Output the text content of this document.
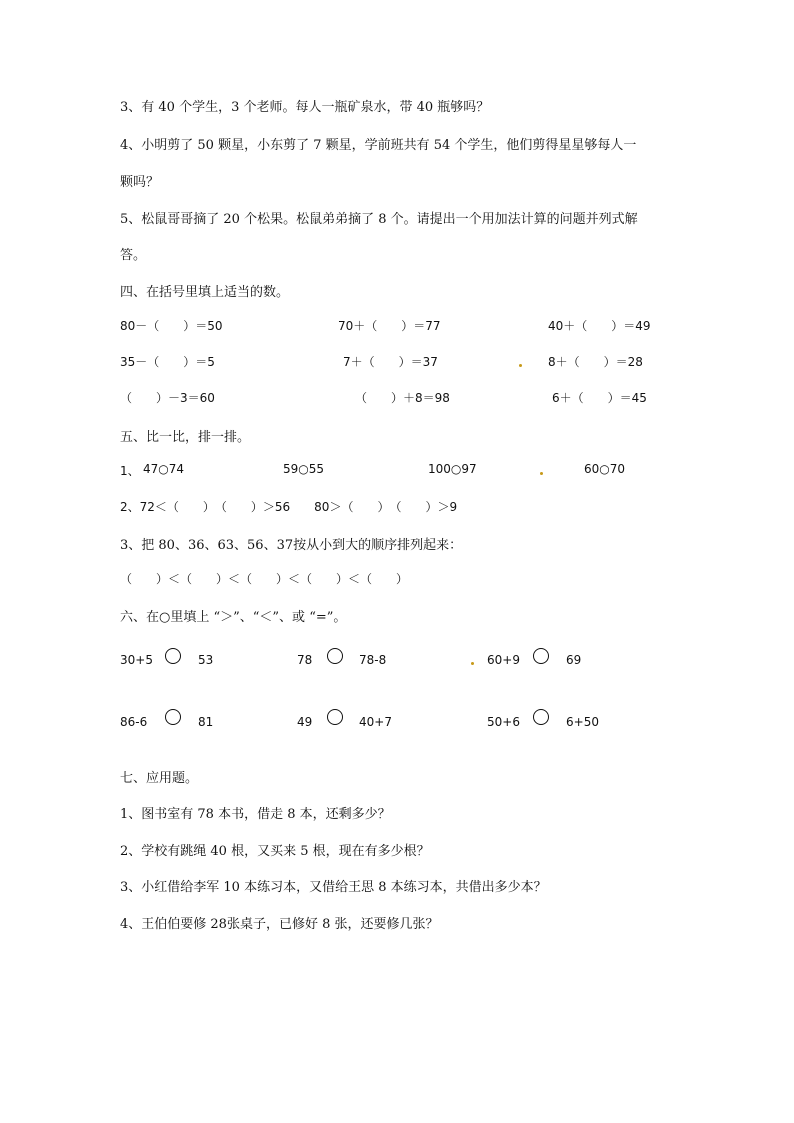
3、有 40 个学生，3 个老师。每人一瓶矿泉水，带 40 瓶够吗？
4、小明剪了 50 颗星，小东剪了 7 颗星，学前班共有 54 个学生，他们剪得星星够每人一
颗吗？
5、松鼠哥哥摘了 20 个松果。松鼠弟弟摘了 8 个。请提出一个用加法计算的问题并列式解
答。
四、在括号里填上适当的数。
80－（　　）＝50	70＋（　　）＝77	40＋（　　）＝49
35－（　　）＝5	7＋（　　）＝37	8＋（　　）＝28
（　　）－3＝60	（　　）＋8＝98	6＋（　　）＝45
五、比一比，排一排。
1、 47○74	59○55	100○97	60○70
2、72＜（　　）　（　　）＞56　　80＞（　　）　（　　）＞9
3、把 80、36、63、56、37按从小到大的顺序排列起来：
（　　）＜（　　）＜（　　）＜（　　）＜（　　）
六、在○里填上 “＞”、“＜”、或 “=”。
30+5	53	78	78-8	60+9	69
86-6	81	49	40+7	50+6	6+50
七、应用题。
1、图书室有 78 本书，借走 8 本，还剩多少？
2、学校有跳绳 40 根，又买来 5 根，现在有多少根？
3、小红借给李军 10 本练习本，又借给王思 8 本练习本，共借出多少本？
4、王伯伯要修 28张桌子，已修好 8 张，还要修几张？
